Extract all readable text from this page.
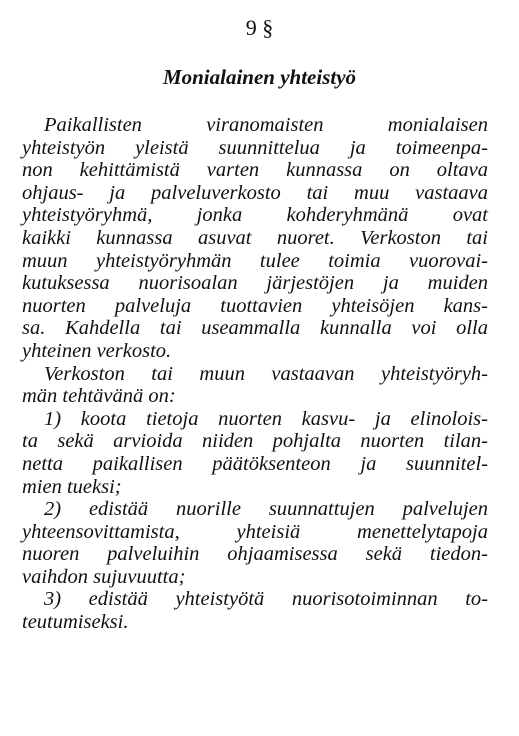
9 §
Monialainen yhteistyö
Paikallisten viranomaisten monialaisen
yhteistyön yleistä suunnittelua ja toimeenpa-
non kehittämistä varten kunnassa on oltava
ohjaus- ja palveluverkosto tai muu vastaava
yhteistyöryhmä, jonka kohderyhmänä ovat
kaikki kunnassa asuvat nuoret. Verkoston tai
muun yhteistyöryhmän tulee toimia vuorovai-
kutuksessa nuorisoalan järjestöjen ja muiden
nuorten palveluja tuottavien yhteisöjen kans-
sa. Kahdella tai useammalla kunnalla voi olla
yhteinen verkosto.
Verkoston tai muun vastaavan yhteistyöryh-
män tehtävänä on:
1) koota tietoja nuorten kasvu- ja elinolois-
ta sekä arvioida niiden pohjalta nuorten tilan-
netta paikallisen päätöksenteon ja suunnitel-
mien tueksi;
2) edistää nuorille suunnattujen palvelujen
yhteensovittamista, yhteisiä menettelytapoja
nuoren palveluihin ohjaamisessa sekä tiedon-
vaihdon sujuvuutta;
3) edistää yhteistyötä nuorisotoiminnan to-
teutumiseksi.
